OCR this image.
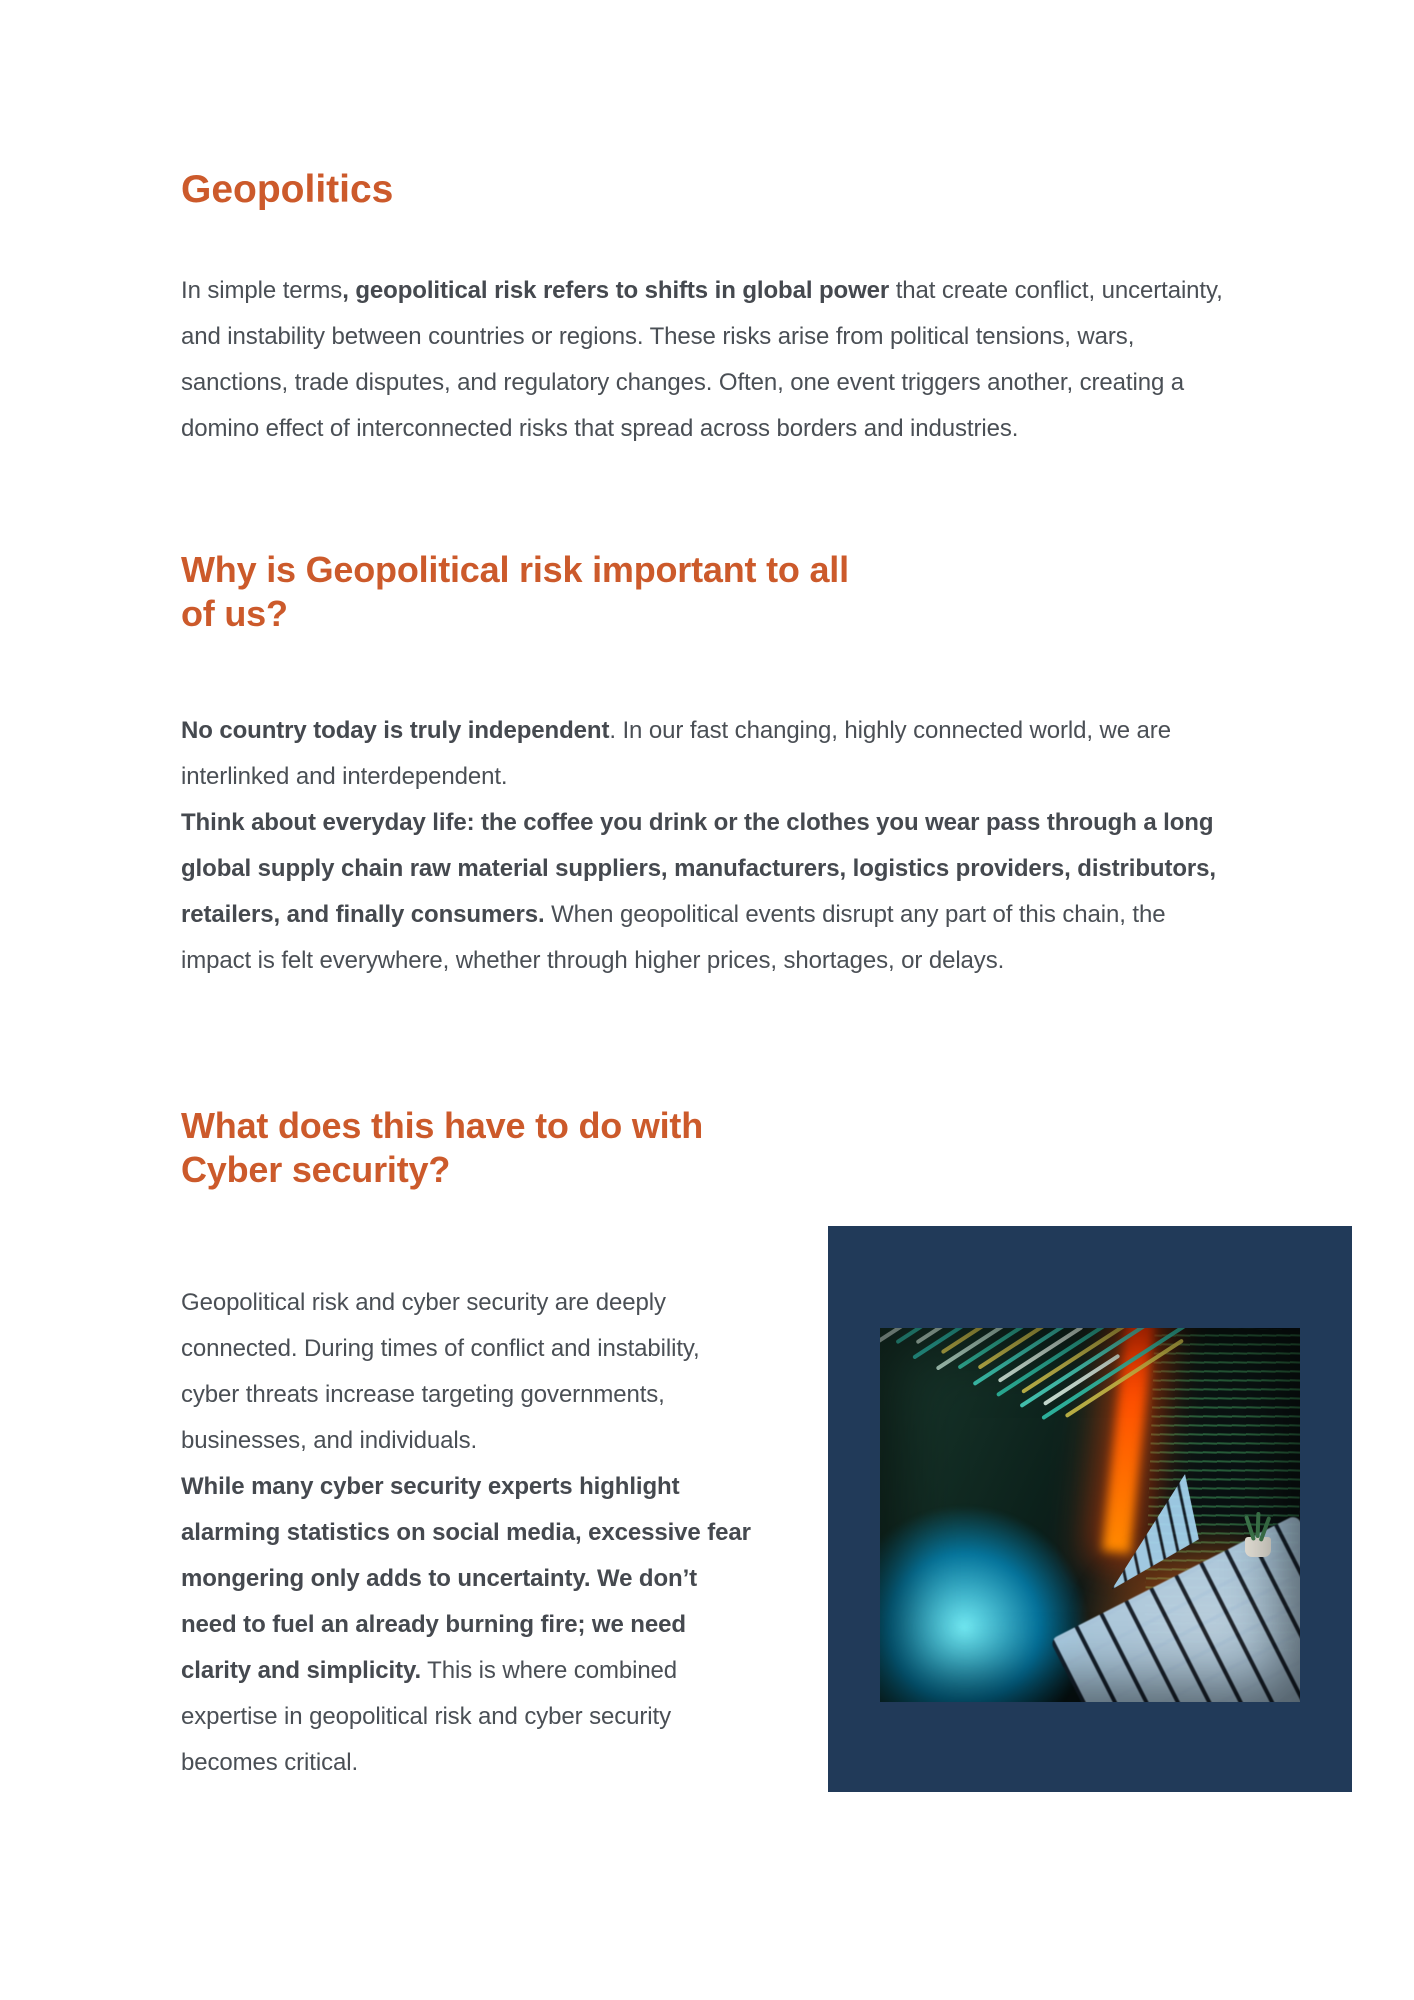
Geopolitics

In simple terms, geopolitical risk refers to shifts in global power that create conflict, uncertainty, and instability between countries or regions. These risks arise from political tensions, wars, sanctions, trade disputes, and regulatory changes. Often, one event triggers another, creating a domino effect of interconnected risks that spread across borders and industries.

Why is Geopolitical risk important to all
of us?

No country today is truly independent. In our fast changing, highly connected world, we are interlinked and interdependent.
Think about everyday life: the coffee you drink or the clothes you wear pass through a long global supply chain raw material suppliers, manufacturers, logistics providers, distributors, retailers, and finally consumers. When geopolitical events disrupt any part of this chain, the impact is felt everywhere, whether through higher prices, shortages, or delays.

What does this have to do with
Cyber security?

Geopolitical risk and cyber security are deeply connected. During times of conflict and instability, cyber threats increase targeting governments, businesses, and individuals.
While many cyber security experts highlight alarming statistics on social media, excessive fear mongering only adds to uncertainty. We don’t need to fuel an already burning fire; we need clarity and simplicity. This is where combined expertise in geopolitical risk and cyber security becomes critical.
